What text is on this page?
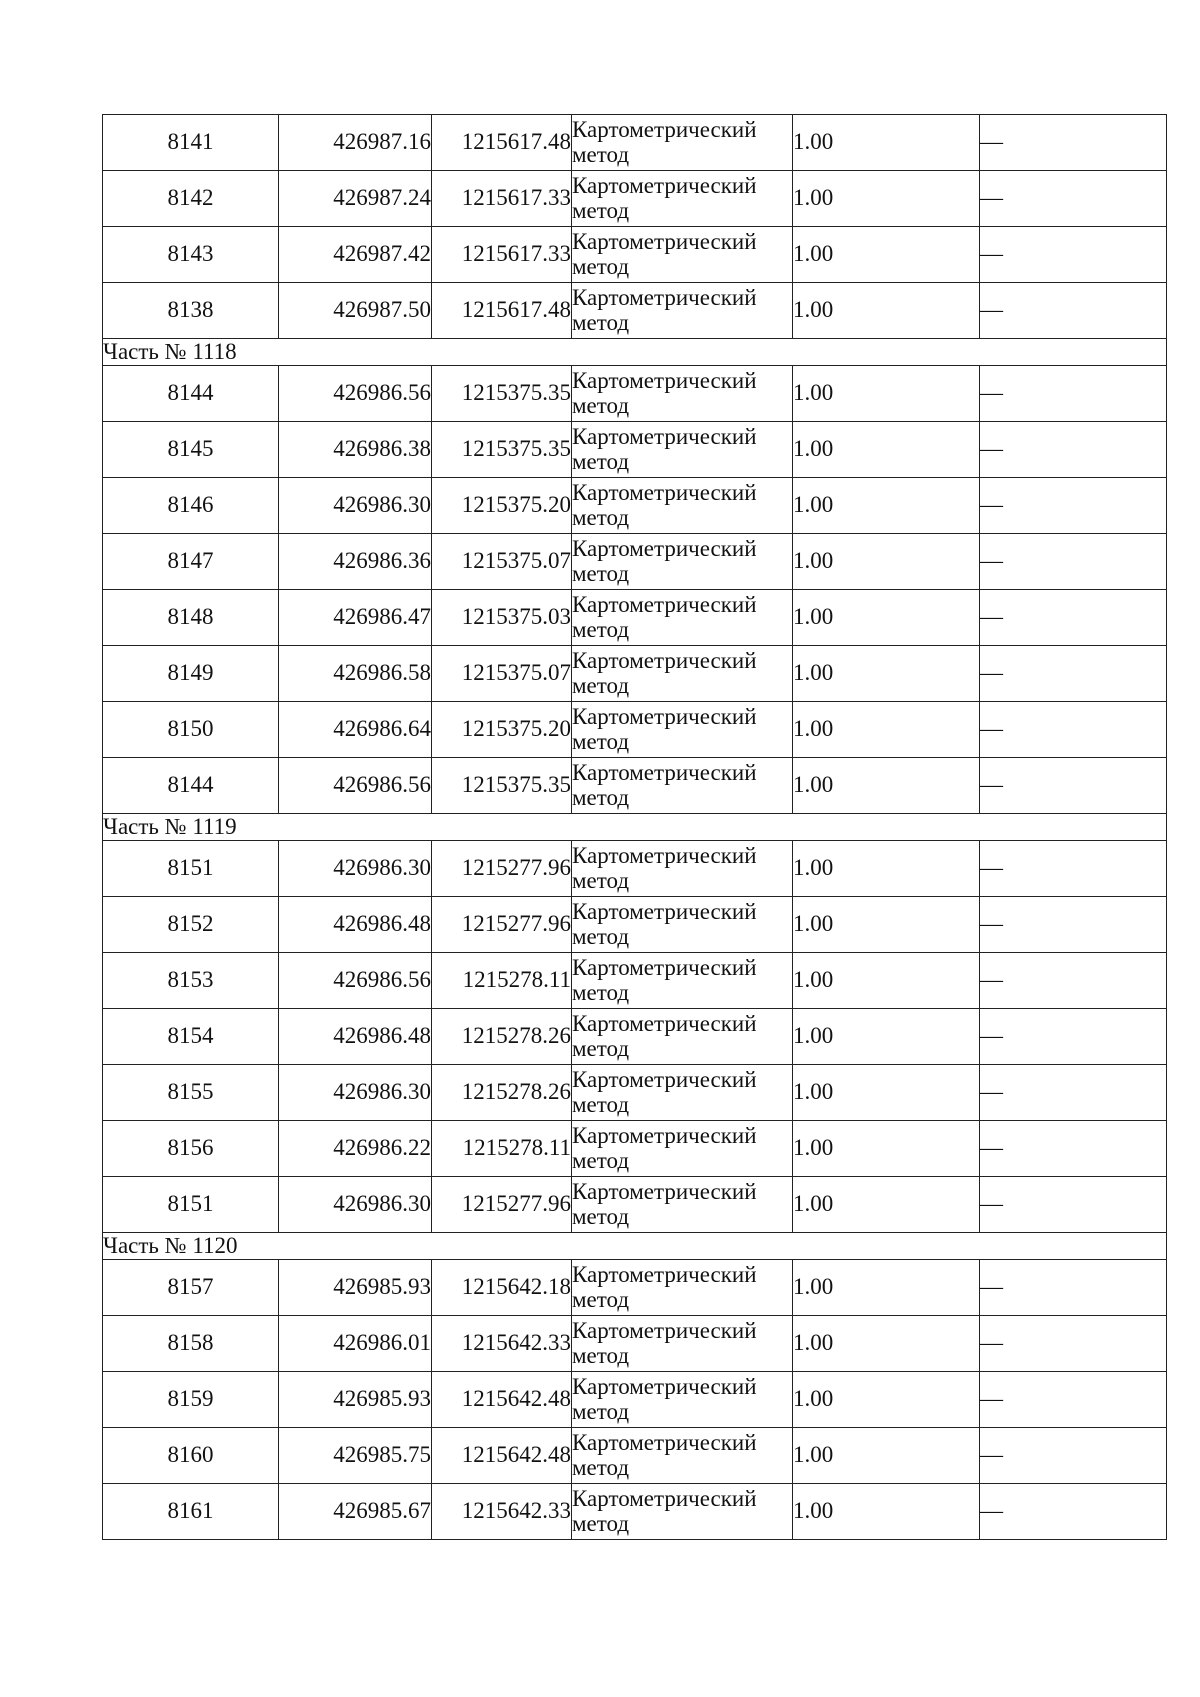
8141	426987.16	1215617.48	Картометрический метод	1.00	—
8142	426987.24	1215617.33	Картометрический метод	1.00	—
8143	426987.42	1215617.33	Картометрический метод	1.00	—
8138	426987.50	1215617.48	Картометрический метод	1.00	—
Часть № 1118					
8144	426986.56	1215375.35	Картометрический метод	1.00	—
8145	426986.38	1215375.35	Картометрический метод	1.00	—
8146	426986.30	1215375.20	Картометрический метод	1.00	—
8147	426986.36	1215375.07	Картометрический метод	1.00	—
8148	426986.47	1215375.03	Картометрический метод	1.00	—
8149	426986.58	1215375.07	Картометрический метод	1.00	—
8150	426986.64	1215375.20	Картометрический метод	1.00	—
8144	426986.56	1215375.35	Картометрический метод	1.00	—
Часть № 1119					
8151	426986.30	1215277.96	Картометрический метод	1.00	—
8152	426986.48	1215277.96	Картометрический метод	1.00	—
8153	426986.56	1215278.11	Картометрический метод	1.00	—
8154	426986.48	1215278.26	Картометрический метод	1.00	—
8155	426986.30	1215278.26	Картометрический метод	1.00	—
8156	426986.22	1215278.11	Картометрический метод	1.00	—
8151	426986.30	1215277.96	Картометрический метод	1.00	—
Часть № 1120					
8157	426985.93	1215642.18	Картометрический метод	1.00	—
8158	426986.01	1215642.33	Картометрический метод	1.00	—
8159	426985.93	1215642.48	Картометрический метод	1.00	—
8160	426985.75	1215642.48	Картометрический метод	1.00	—
8161	426985.67	1215642.33	Картометрический метод	1.00	—
